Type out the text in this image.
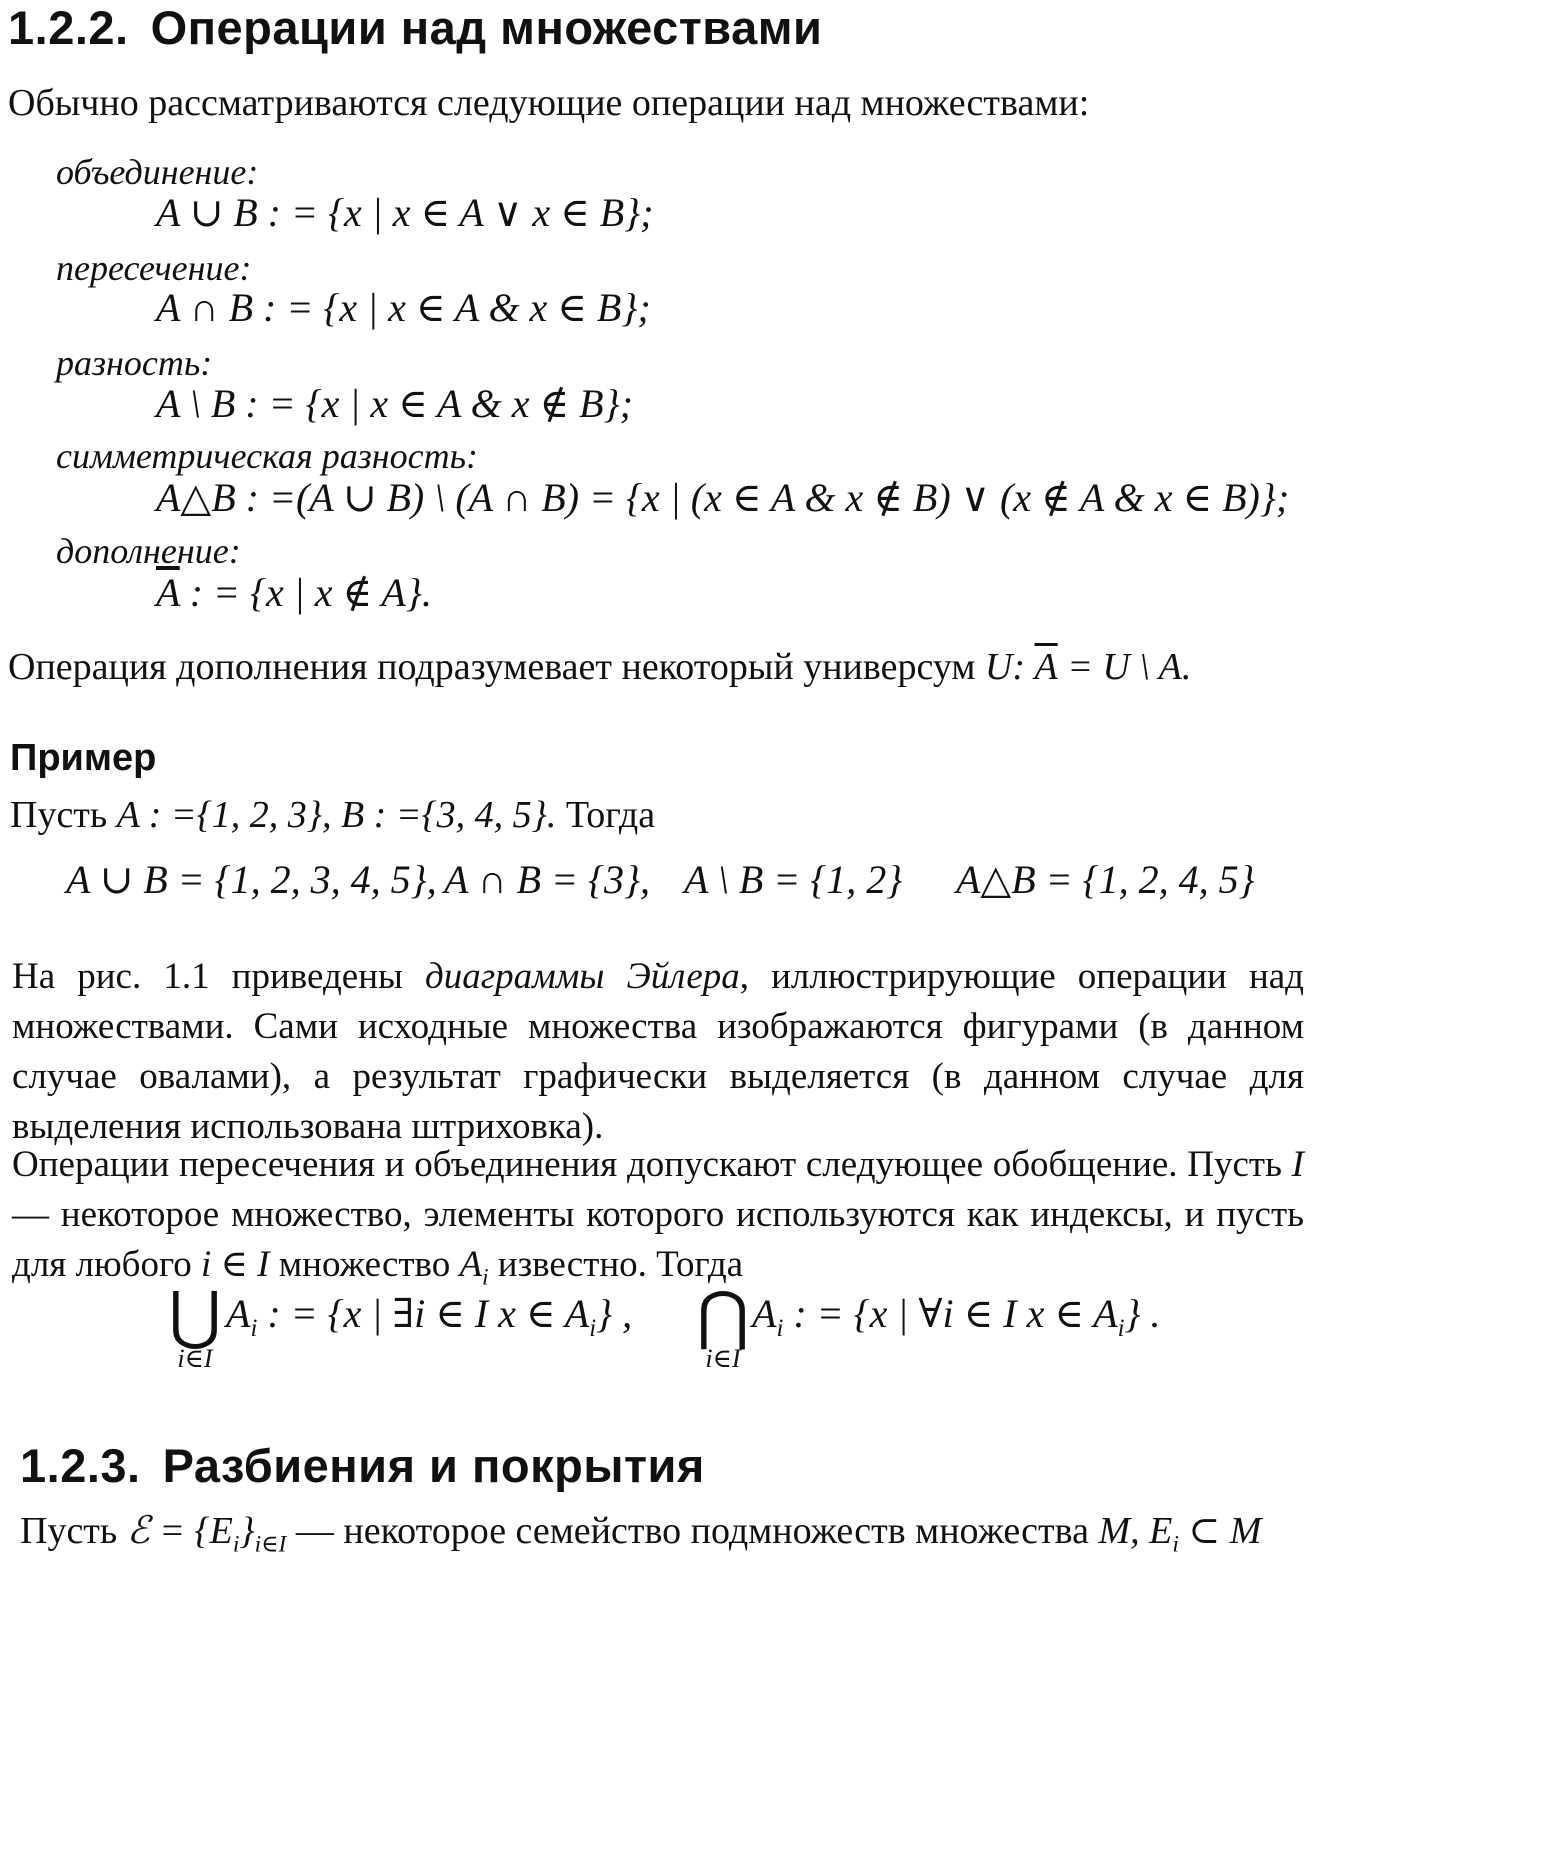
1.2.2. Операции над множествами
Обычно рассматриваются следующие операции над множествами:
объединение:
A ∪ B : = {x | x ∈ A ∨ x ∈ B};
пересечение:
A ∩ B : = {x | x ∈ A & x ∈ B};
разность:
A \ B : = {x | x ∈ A & x ∉ B};
симметрическая разность:
A△B : =(A ∪ B) \ (A ∩ B) = {x | (x ∈ A & x ∉ B) ∨ (x ∉ A & x ∈ B)};
дополнение:
$\overline{A}$ : = {x | x ∉ A}.
Операция дополнения подразумевает некоторый универсум U: $\overline{A} = U$ \ A.
Пример
Пусть A : ={1, 2, 3}, B : ={3, 4, 5}. Тогда
A ∪ B = {1, 2, 3, 4, 5}, A ∩ B = {3}, A \ B = {1, 2} A△B = {1, 2, 4, 5}

На рис. 1.1 приведены диаграммы Эйлера, иллюстрирующие операции над множествами. Сами исходные множества изображаются фигурами (в данном случае овалами), а результат графически выделяется (в данном случае для выделения использована штриховка).

Операции пересечения и объединения допускают следующее обобщение. Пусть I — некоторое множество, элементы которого используются как индексы, и пусть для любого i ∈ I множество $A_i$ известно. Тогда

⋃
i∈I
$A_i$ : = {x | ∃i ∈ I x ∈ $A_i$} , ⋂
i∈I
$A_i$ : = {x | ∀i ∈ I x ∈ $A_i$} .
1.2.3. Разбиения и покрытия
Пусть ℰ = $\{E_i\}_{i\in I}$ — некоторое семейство подмножеств множества M, $E_i$ ⊂ M
